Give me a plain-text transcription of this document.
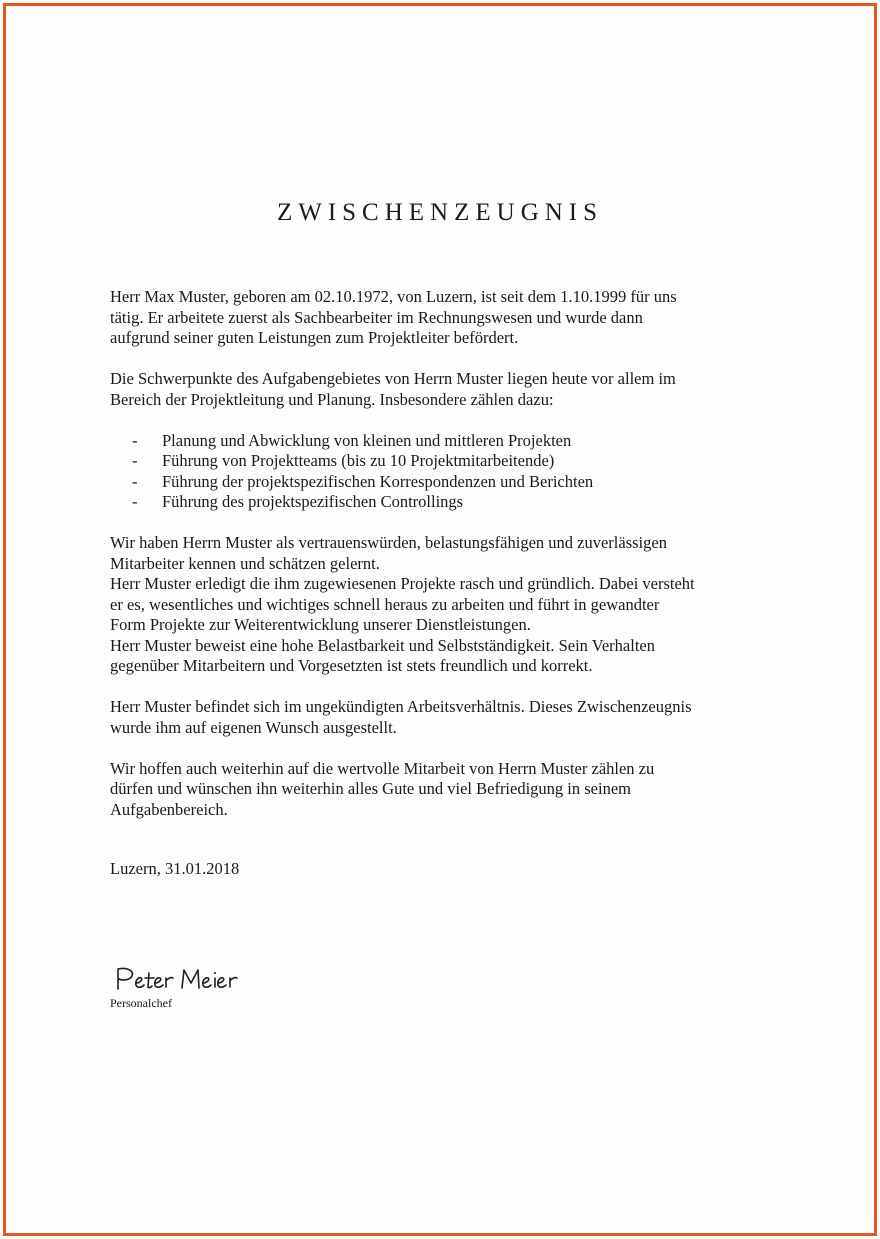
ZWISCHENZEUGNIS

Herr Max Muster, geboren am 02.10.1972, von Luzern, ist seit dem 1.10.1999 für uns
tätig. Er arbeitete zuerst als Sachbearbeiter im Rechnungswesen und wurde dann
aufgrund seiner guten Leistungen zum Projektleiter befördert.

Die Schwerpunkte des Aufgabengebietes von Herrn Muster liegen heute vor allem im
Bereich der Projektleitung und Planung. Insbesondere zählen dazu:

- Planung und Abwicklung von kleinen und mittleren Projekten
- Führung von Projektteams (bis zu 10 Projektmitarbeitende)
- Führung der projektspezifischen Korrespondenzen und Berichten
- Führung des projektspezifischen Controllings

Wir haben Herrn Muster als vertrauenswürden, belastungsfähigen und zuverlässigen
Mitarbeiter kennen und schätzen gelernt.
Herr Muster erledigt die ihm zugewiesenen Projekte rasch und gründlich. Dabei versteht
er es, wesentliches und wichtiges schnell heraus zu arbeiten und führt in gewandter
Form Projekte zur Weiterentwicklung unserer Dienstleistungen.
Herr Muster beweist eine hohe Belastbarkeit und Selbstständigkeit. Sein Verhalten
gegenüber Mitarbeitern und Vorgesetzten ist stets freundlich und korrekt.

Herr Muster befindet sich im ungekündigten Arbeitsverhältnis. Dieses Zwischenzeugnis
wurde ihm auf eigenen Wunsch ausgestellt.

Wir hoffen auch weiterhin auf die wertvolle Mitarbeit von Herrn Muster zählen zu
dürfen und wünschen ihn weiterhin alles Gute und viel Befriedigung in seinem
Aufgabenbereich.

Luzern, 31.01.2018
Personalchef
